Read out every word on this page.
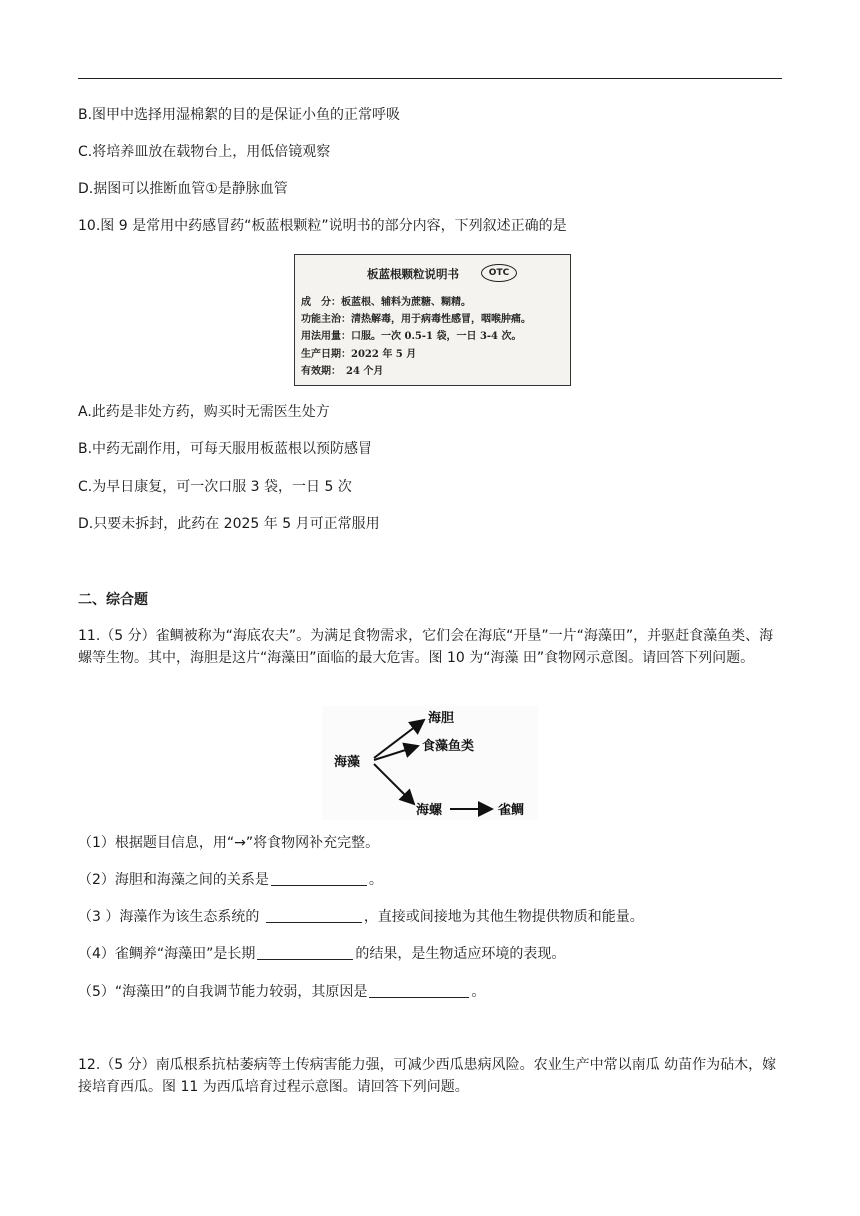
B.图甲中选择用湿棉絮的目的是保证小鱼的正常呼吸
C.将培养皿放在载物台上，用低倍镜观察
D.据图可以推断血管①是静脉血管
10.图 9 是常用中药感冒药“板蓝根颗粒”说明书的部分内容，下列叙述正确的是
板蓝根颗粒说明书	OTC
成　分：板蓝根、辅料为蔗糖、糊精。
功能主治：清热解毒，用于病毒性感冒，咽喉肿痛。
用法用量：口服。一次 0.5-1 袋，一日 3-4 次。
生产日期：2022 年 5 月
有效期：　24 个月
A.此药是非处方药，购买时无需医生处方
B.中药无副作用，可每天服用板蓝根以预防感冒
C.为早日康复，可一次口服 3 袋，一日 5 次
D.只要未拆封，此药在 2025 年 5 月可正常服用
二、综合题
11.（5 分）雀鲷被称为“海底农夫”。为满足食物需求，它们会在海底“开垦”一片“海藻田”，并驱赶食藻鱼类、海螺等生物。其中，海胆是这片“海藻田”面临的最大危害。图 10 为“海藻 田”食物网示意图。请回答下列问题。
海藻
海胆
食藻鱼类
海螺	雀鲷
（1）根据题目信息，用“→”将食物网补充完整。
（2）海胆和海藻之间的关系是	。
（3 ）海藻作为该生态系统的	，直接或间接地为其他生物提供物质和能量。
（4）雀鲷养“海藻田”是长期	的结果，是生物适应环境的表现。
（5）“海藻田”的自我调节能力较弱，其原因是	。
12.（5 分）南瓜根系抗枯萎病等土传病害能力强，可减少西瓜患病风险。农业生产中常以南瓜 幼苗作为砧木，嫁接培育西瓜。图 11 为西瓜培育过程示意图。请回答下列问题。
